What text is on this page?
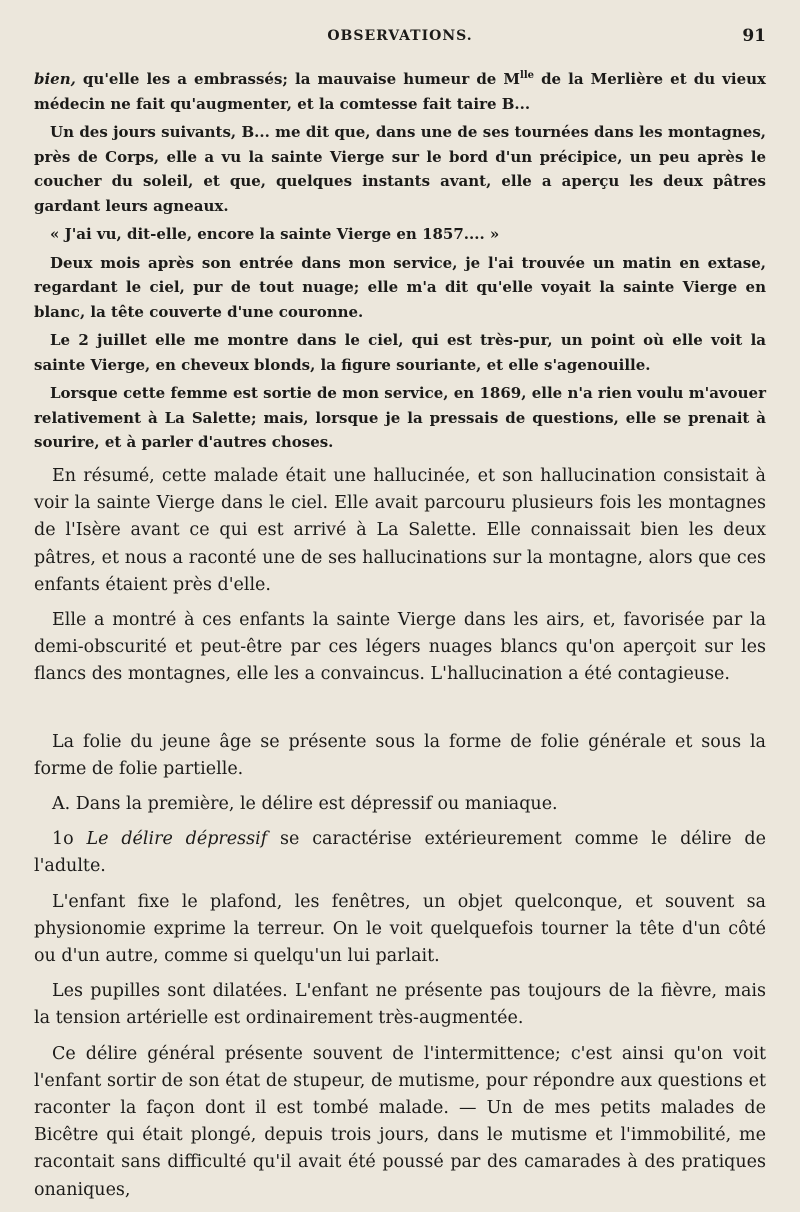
OBSERVATIONS.	91

bien, qu'elle les a embrassés; la mauvaise humeur de $M^{lle}$ de la Merlière et du vieux médecin ne fait qu'augmenter, et la comtesse fait taire B...

Un des jours suivants, B... me dit que, dans une de ses tournées dans les montagnes, près de Corps, elle a vu la sainte Vierge sur le bord d'un précipice, un peu après le coucher du soleil, et que, quelques instants avant, elle a aperçu les deux pâtres gardant leurs agneaux.

« J'ai vu, dit-elle, encore la sainte Vierge en 1857.... »

Deux mois après son entrée dans mon service, je l'ai trouvée un matin en extase, regardant le ciel, pur de tout nuage; elle m'a dit qu'elle voyait la sainte Vierge en blanc, la tête couverte d'une couronne.

Le 2 juillet elle me montre dans le ciel, qui est très-pur, un point où elle voit la sainte Vierge, en cheveux blonds, la figure souriante, et elle s'agenouille.

Lorsque cette femme est sortie de mon service, en 1869, elle n'a rien voulu m'avouer relativement à La Salette; mais, lorsque je la pressais de questions, elle se prenait à sourire, et à parler d'autres choses.

En résumé, cette malade était une hallucinée, et son hallucination consistait à voir la sainte Vierge dans le ciel. Elle avait parcouru plusieurs fois les montagnes de l'Isère avant ce qui est arrivé à La Salette. Elle connaissait bien les deux pâtres, et nous a raconté une de ses hallucinations sur la montagne, alors que ces enfants étaient près d'elle.

Elle a montré à ces enfants la sainte Vierge dans les airs, et, favorisée par la demi-obscurité et peut-être par ces légers nuages blancs qu'on aperçoit sur les flancs des montagnes, elle les a convaincus. L'hallucination a été contagieuse.

La folie du jeune âge se présente sous la forme de folie générale et sous la forme de folie partielle.

A. Dans la première, le délire est dépressif ou maniaque.

1o Le délire dépressif se caractérise extérieurement comme le délire de l'adulte.

L'enfant fixe le plafond, les fenêtres, un objet quelconque, et souvent sa physionomie exprime la terreur. On le voit quelquefois tourner la tête d'un côté ou d'un autre, comme si quelqu'un lui parlait.

Les pupilles sont dilatées. L'enfant ne présente pas toujours de la fièvre, mais la tension artérielle est ordinairement très-augmentée.

Ce délire général présente souvent de l'intermittence; c'est ainsi qu'on voit l'enfant sortir de son état de stupeur, de mutisme, pour répondre aux questions et raconter la façon dont il est tombé malade. — Un de mes petits malades de Bicêtre qui était plongé, depuis trois jours, dans le mutisme et l'immobilité, me racontait sans difficulté qu'il avait été poussé par des camarades à des pratiques onaniques,
